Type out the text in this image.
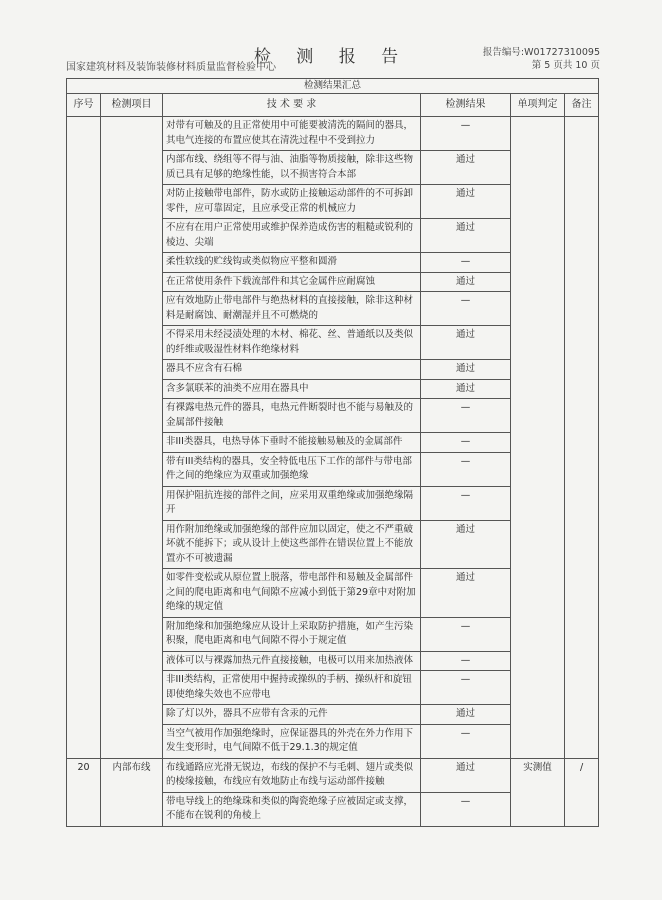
检 测 报 告
国家建筑材料及装饰装修材料质量监督检验中心
报告编号:W01727310095
第 5 页共 10 页
检测结果汇总					
序号	检测项目	技 术 要 求	检测结果	单项判定	备注
		对带有可触及的且正常使用中可能要被清洗的隔间的器具，其电气连接的布置应使其在清洗过程中不受到拉力	—		
		内部布线、绕组等不得与油、油脂等物质接触，除非这些物质已具有足够的绝缘性能，以不损害符合本部	通过		
		对防止接触带电部件，防水或防止接触运动部件的不可拆卸零件，应可靠固定，且应承受正常的机械应力	通过		
		不应有在用户正常使用或维护保养造成伤害的粗糙或锐利的棱边、尖端	通过		
		柔性软线的贮线钩或类似物应平整和圆滑	—		
		在正常使用条件下载流部件和其它金属件应耐腐蚀	通过		
		应有效地防止带电部件与绝热材料的直接接触，除非这种材料是耐腐蚀、耐潮湿并且不可燃烧的	—		
		不得采用未经浸渍处理的木材、棉花、丝、普通纸以及类似的纤维或吸湿性材料作绝缘材料	通过		
		器具不应含有石棉	通过		
		含多氯联苯的油类不应用在器具中	通过		
		有裸露电热元件的器具，电热元件断裂时也不能与易触及的金属部件接触	—		
		非III类器具，电热导体下垂时不能接触易触及的金属部件	—		
		带有III类结构的器具，安全特低电压下工作的部件与带电部件之间的绝缘应为双重或加强绝缘	—		
		用保护阻抗连接的部件之间，应采用双重绝缘或加强绝缘隔开	—		
		用作附加绝缘或加强绝缘的部件应加以固定，使之不严重破坏就不能拆下；或从设计上使这些部件在错误位置上不能放置亦不可被遗漏	通过		
		如零件变松或从原位置上脱落，带电部件和易触及金属部件之间的爬电距离和电气间隙不应减小到低于第29章中对附加绝缘的规定值	通过		
		附加绝缘和加强绝缘应从设计上采取防护措施，如产生污染积聚，爬电距离和电气间隙不得小于规定值	—		
		液体可以与裸露加热元件直接接触，电极可以用来加热液体	—		
		非III类结构，正常使用中握持或操纵的手柄、操纵杆和旋钮即使绝缘失效也不应带电	—		
		除了灯以外，器具不应带有含汞的元件	通过		
		当空气被用作加强绝缘时，应保证器具的外壳在外力作用下发生变形时，电气间隙不低于29.1.3的规定值	—		
20	内部布线	布线通路应光滑无锐边，布线的保护不与毛刺、翅片或类似的棱缘接触，布线应有效地防止布线与运动部件接触	通过	实测值	/
		带电导线上的绝缘珠和类似的陶瓷绝缘子应被固定或支撑，不能布在锐利的角棱上	—		
